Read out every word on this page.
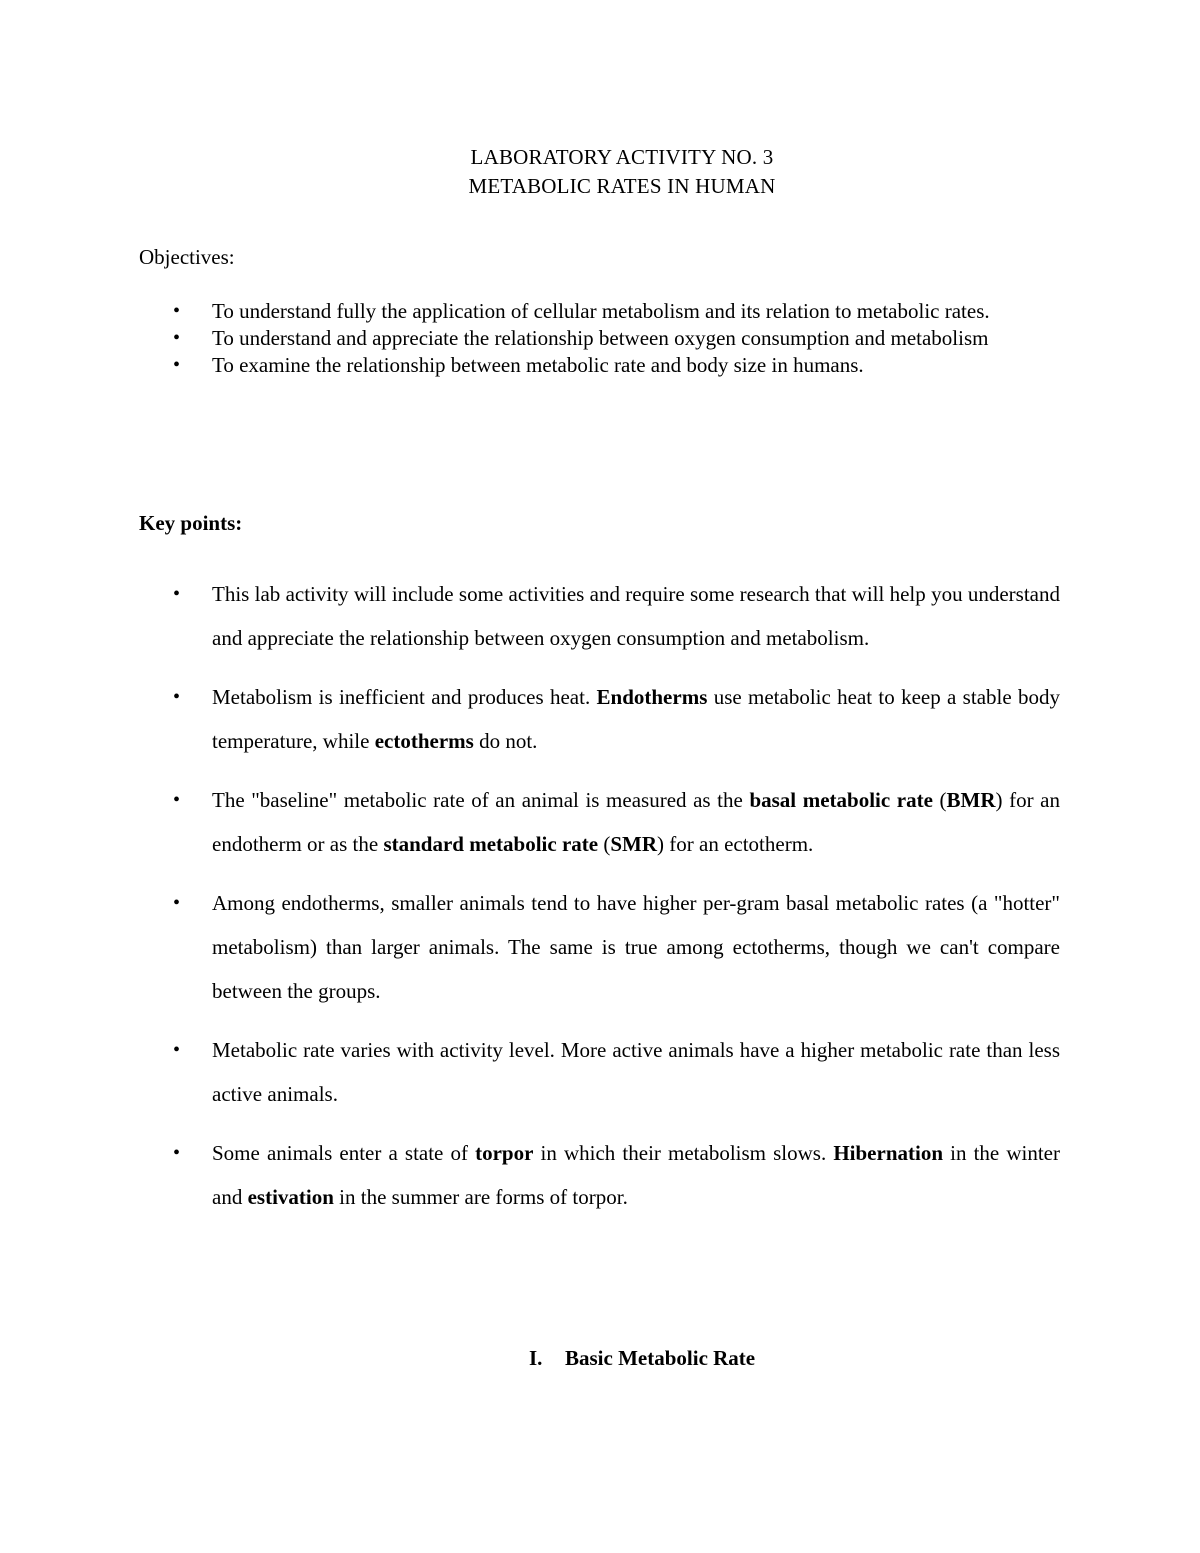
LABORATORY ACTIVITY NO. 3
METABOLIC RATES IN HUMAN
Objectives:
• To understand fully the application of cellular metabolism and its relation to metabolic rates.
• To understand and appreciate the relationship between oxygen consumption and metabolism
• To examine the relationship between metabolic rate and body size in humans.
Key points:
• This lab activity will include some activities and require some research that will help you understand and appreciate the relationship between oxygen consumption and metabolism.
• Metabolism is inefficient and produces heat. Endotherms use metabolic heat to keep a stable body temperature, while ectotherms do not.
• The "baseline" metabolic rate of an animal is measured as the basal metabolic rate (BMR) for an endotherm or as the standard metabolic rate (SMR) for an ectotherm.
• Among endotherms, smaller animals tend to have higher per-gram basal metabolic rates (a "hotter" metabolism) than larger animals. The same is true among ectotherms, though we can't compare between the groups.
• Metabolic rate varies with activity level. More active animals have a higher metabolic rate than less active animals.
• Some animals enter a state of torpor in which their metabolism slows. Hibernation in the winter and estivation in the summer are forms of torpor.
I. Basic Metabolic Rate
